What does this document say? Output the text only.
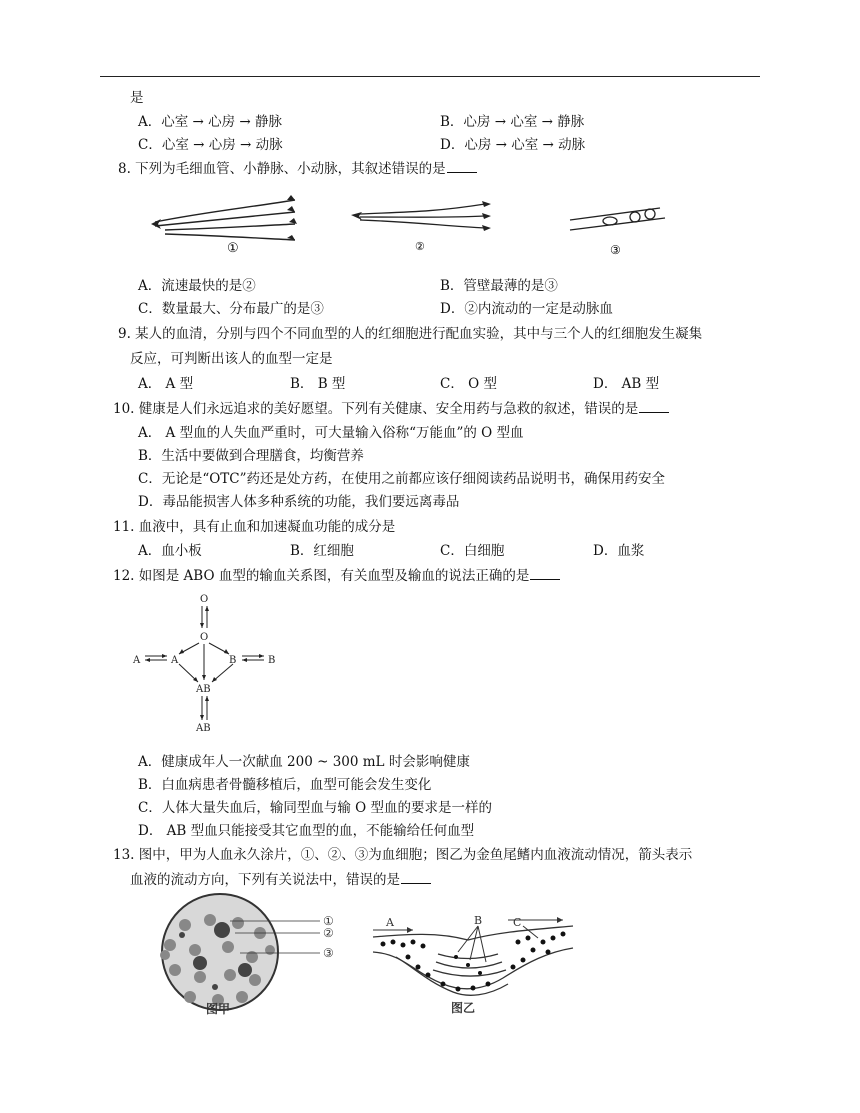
是
A．心室 → 心房 → 静脉	B．心房 → 心室 → 静脉
C．心室 → 心房 → 动脉	D．心房 → 心室 → 动脉
8. 下列为毛细血管、小静脉、小动脉，其叙述错误的是
①	②	③
A．流速最快的是②	B．管壁最薄的是③
C．数量最大、分布最广的是③	D．②内流动的一定是动脉血
9. 某人的血清，分别与四个不同血型的人的红细胞进行配血实验，其中与三个人的红细胞发生凝集
反应，可判断出该人的血型一定是
A． A 型	B． B 型	C． O 型	D． AB 型
10. 健康是人们永远追求的美好愿望。下列有关健康、安全用药与急救的叙述，错误的是
A． A 型血的人失血严重时，可大量输入俗称“万能血”的 O 型血
B．生活中要做到合理膳食，均衡营养
C．无论是“OTC”药还是处方药，在使用之前都应该仔细阅读药品说明书，确保用药安全
D．毒品能损害人体多种系统的功能，我们要远离毒品
11. 血液中，具有止血和加速凝血功能的成分是
A．血小板	B．红细胞	C．白细胞	D．血浆
12. 如图是 ABO 血型的输血关系图，有关血型及输血的说法正确的是
O
O
A	A	B	B
AB
AB
A．健康成年人一次献血 200 ~ 300 mL 时会影响健康
B．白血病患者骨髓移植后，血型可能会发生变化
C．人体大量失血后，输同型血与输 O 型血的要求是一样的
D． AB 型血只能接受其它血型的血，不能输给任何血型
13. 图中，甲为人血永久涂片，①、②、③为血细胞；图乙为金鱼尾鳍内血液流动情况，箭头表示
血液的流动方向，下列有关说法中，错误的是
①
②
③
图甲
A	B	C
图乙
